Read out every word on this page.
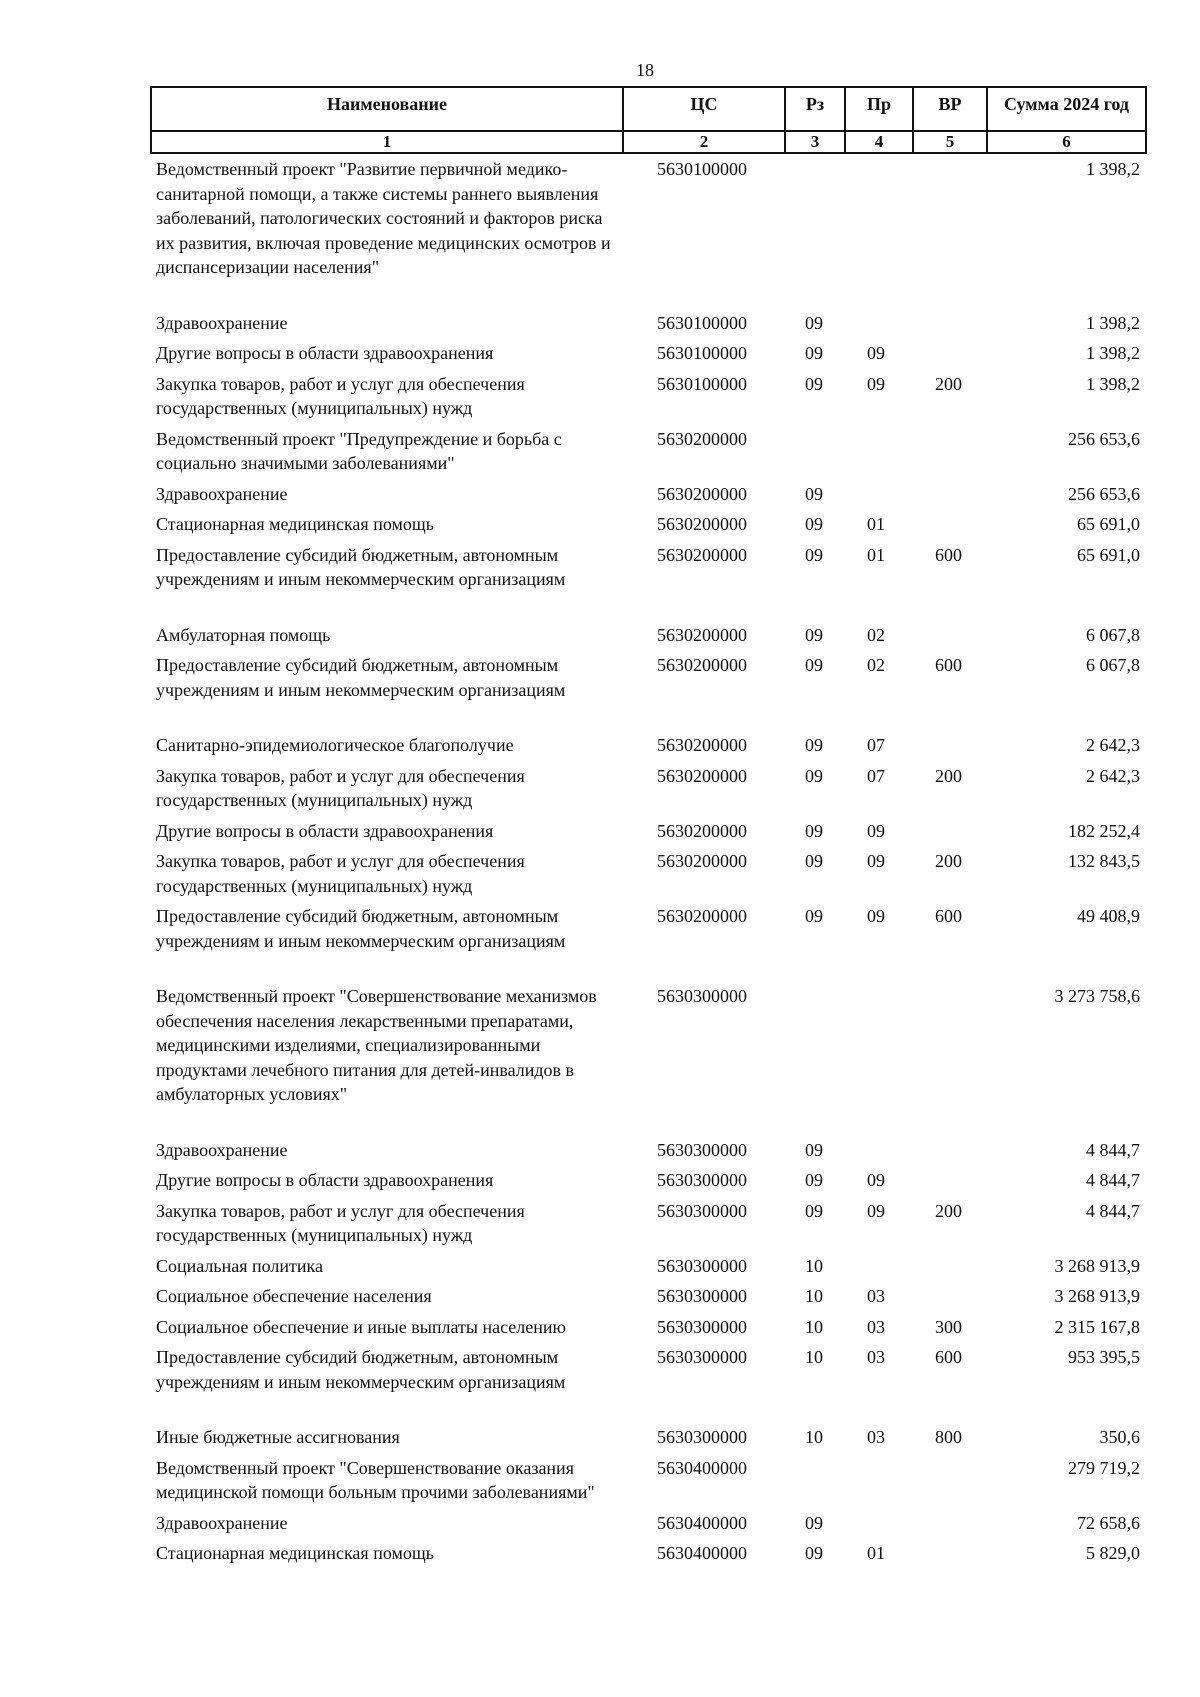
18
Наименование	ЦС	Рз	Пр	ВР	Сумма 2024 год
1	2	3	4	5	6
Ведомственный проект "Развитие первичной медико-санитарной помощи, а также системы раннего выявления заболеваний, патологических состояний и факторов риска их развития, включая проведение медицинских осмотров и диспансеризации населения"	5630100000				1 398,2
Здравоохранение	5630100000	09			1 398,2
Другие вопросы в области здравоохранения	5630100000	09	09		1 398,2
Закупка товаров, работ и услуг для обеспечения государственных (муниципальных) нужд	5630100000	09	09	200	1 398,2
Ведомственный проект "Предупреждение и борьба с социально значимыми заболеваниями"	5630200000				256 653,6
Здравоохранение	5630200000	09			256 653,6
Стационарная медицинская помощь	5630200000	09	01		65 691,0
Предоставление субсидий бюджетным, автономным учреждениям и иным некоммерческим организациям	5630200000	09	01	600	65 691,0
Амбулаторная помощь	5630200000	09	02		6 067,8
Предоставление субсидий бюджетным, автономным учреждениям и иным некоммерческим организациям	5630200000	09	02	600	6 067,8
Санитарно-эпидемиологическое благополучие	5630200000	09	07		2 642,3
Закупка товаров, работ и услуг для обеспечения государственных (муниципальных) нужд	5630200000	09	07	200	2 642,3
Другие вопросы в области здравоохранения	5630200000	09	09		182 252,4
Закупка товаров, работ и услуг для обеспечения государственных (муниципальных) нужд	5630200000	09	09	200	132 843,5
Предоставление субсидий бюджетным, автономным учреждениям и иным некоммерческим организациям	5630200000	09	09	600	49 408,9
Ведомственный проект "Совершенствование механизмов обеспечения населения лекарственными препаратами, медицинскими изделиями, специализированными продуктами лечебного питания для детей-инвалидов в амбулаторных условиях"	5630300000				3 273 758,6
Здравоохранение	5630300000	09			4 844,7
Другие вопросы в области здравоохранения	5630300000	09	09		4 844,7
Закупка товаров, работ и услуг для обеспечения государственных (муниципальных) нужд	5630300000	09	09	200	4 844,7
Социальная политика	5630300000	10			3 268 913,9
Социальное обеспечение населения	5630300000	10	03		3 268 913,9
Социальное обеспечение и иные выплаты населению	5630300000	10	03	300	2 315 167,8
Предоставление субсидий бюджетным, автономным учреждениям и иным некоммерческим организациям	5630300000	10	03	600	953 395,5
Иные бюджетные ассигнования	5630300000	10	03	800	350,6
Ведомственный проект "Совершенствование оказания медицинской помощи больным прочими заболеваниями"	5630400000				279 719,2
Здравоохранение	5630400000	09			72 658,6
Стационарная медицинская помощь	5630400000	09	01		5 829,0
